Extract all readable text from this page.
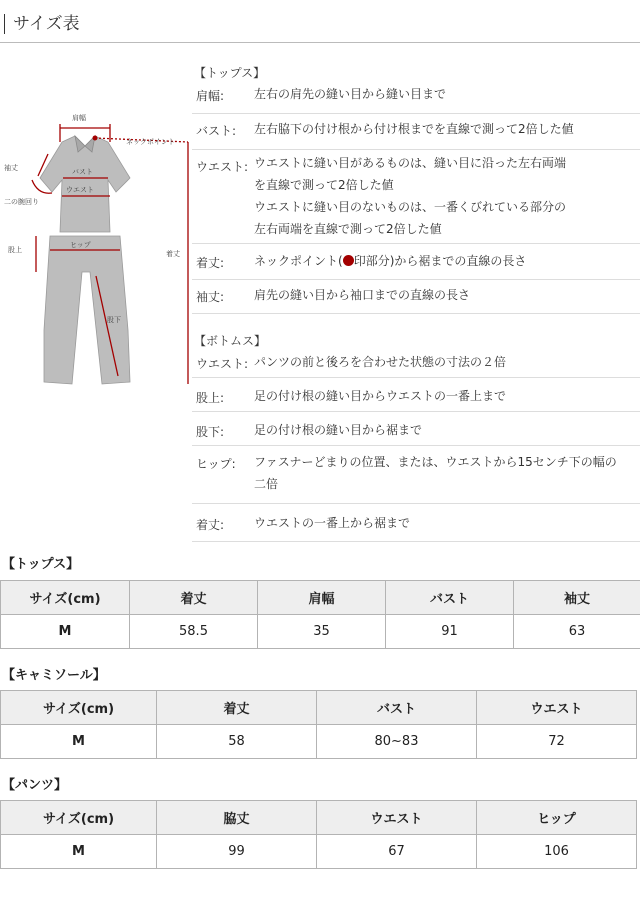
サイズ表
肩幅
ネックポイント
袖丈	バスト
ウエスト
二の腕回り
股上
ヒップ
着丈
股下
【トップス】
肩幅: 左右の肩先の縫い目から縫い目まで
バスト: 左右脇下の付け根から付け根までを直線で測って2倍した値
ウエスト: ウエストに縫い目があるものは、縫い目に沿った左右両端
を直線で測って2倍した値
ウエストに縫い目のないものは、一番くびれている部分の
左右両端を直線で測って2倍した値
着丈: ネックポイント( 印部分)から裾までの直線の長さ
袖丈: 肩先の縫い目から袖口までの直線の長さ
【ボトムス】
ウエスト: パンツの前と後ろを合わせた状態の寸法の２倍
股上: 足の付け根の縫い目からウエストの一番上まで
股下: 足の付け根の縫い目から裾まで
ヒップ: ファスナーどまりの位置、または、ウエストから15センチ下の幅の
二倍
着丈: ウエストの一番上から裾まで
【トップス】
サイズ(cm)	着丈	肩幅	バスト	袖丈
M	58.5	35	91	63
【キャミソール】
サイズ(cm)	着丈	バスト	ウエスト
M	58	80~83	72
【パンツ】
サイズ(cm)	脇丈	ウエスト	ヒップ
M	99	67	106
